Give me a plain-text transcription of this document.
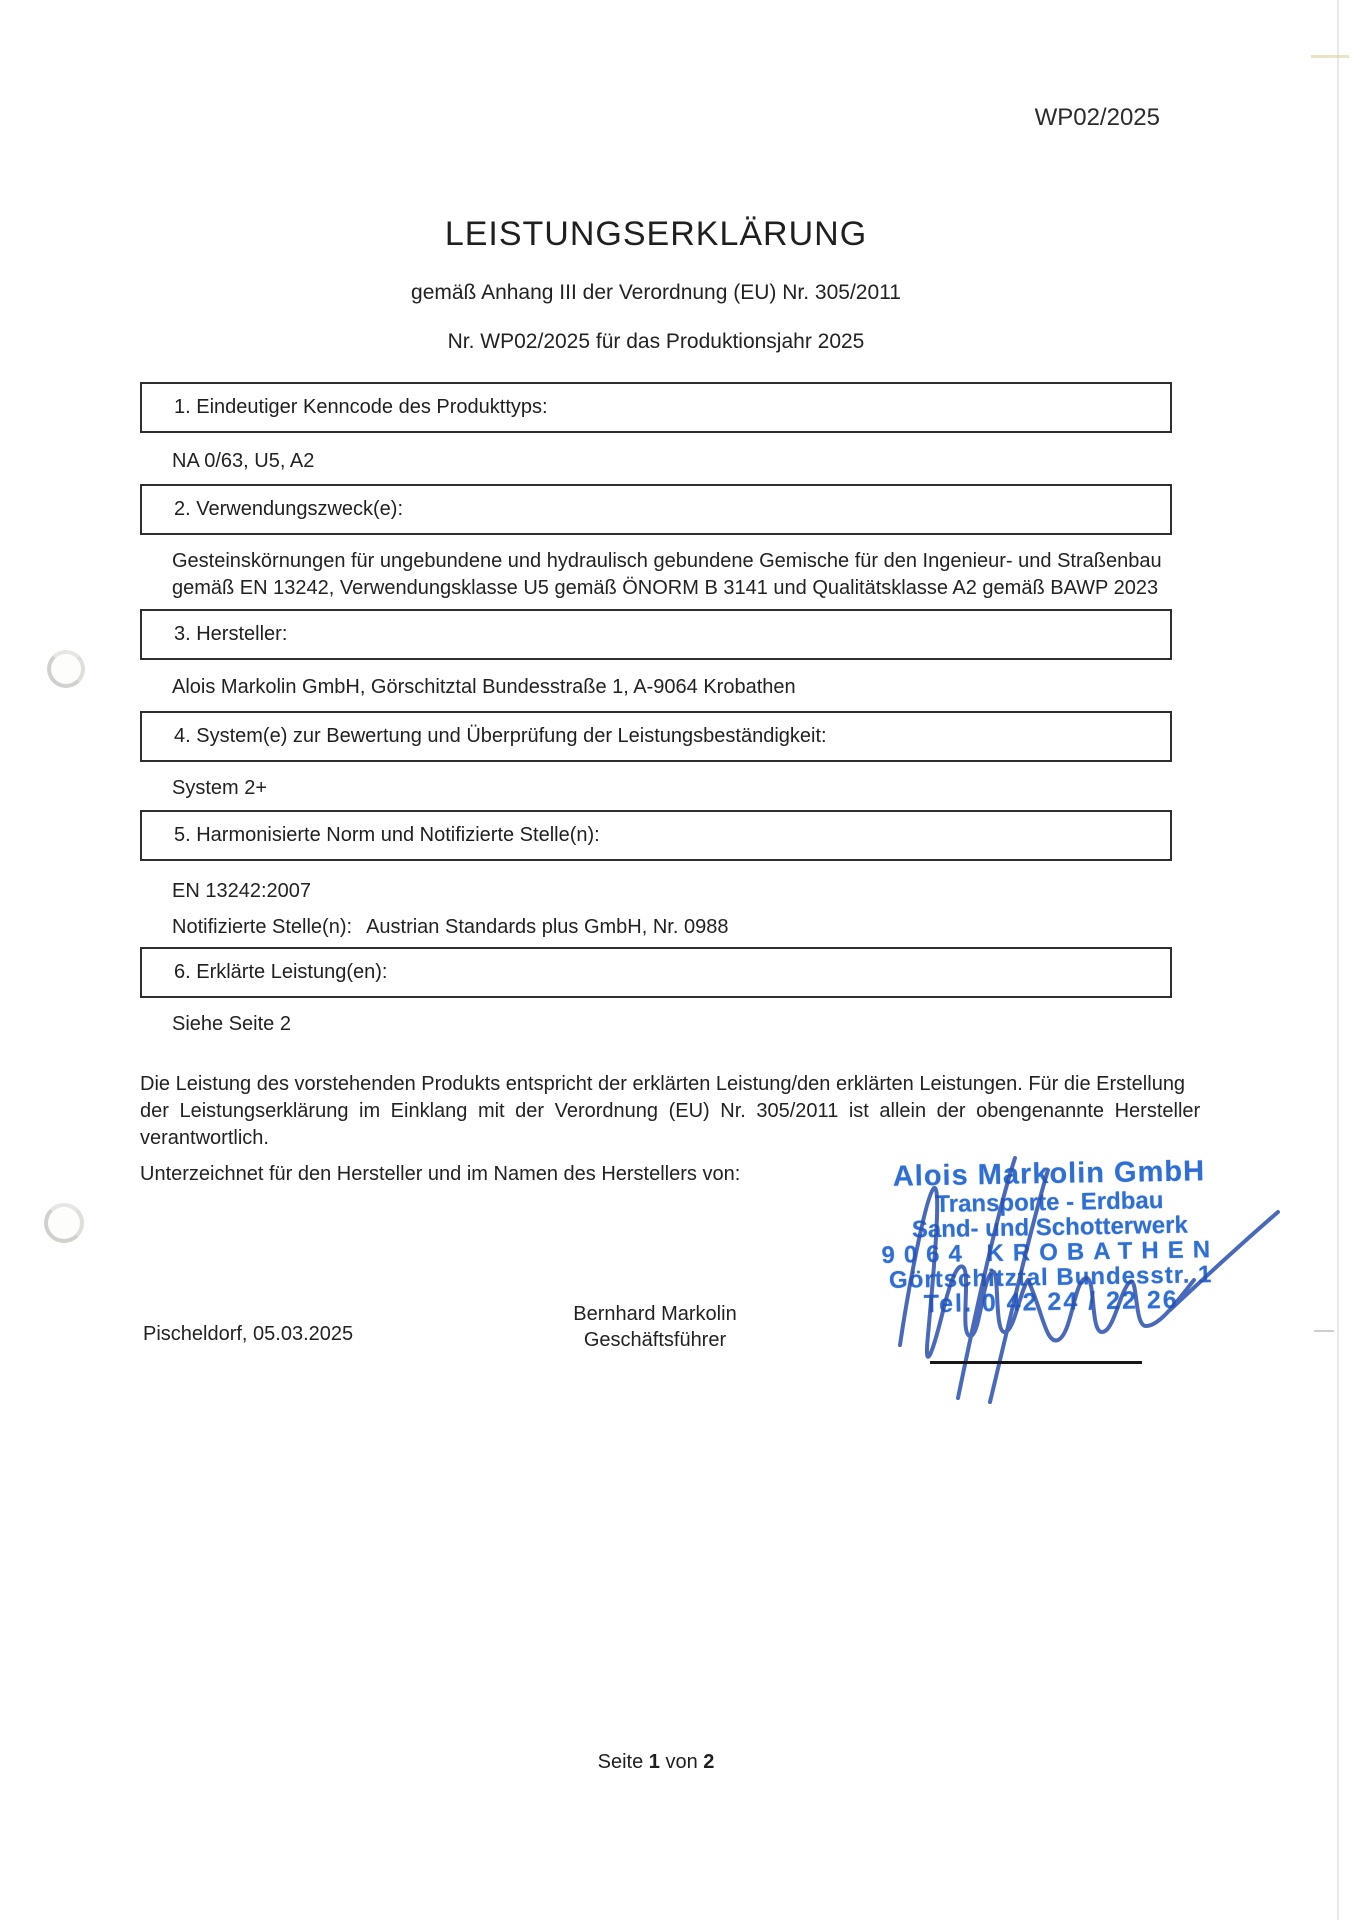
WP02/2025
LEISTUNGSERKLÄRUNG
gemäß Anhang III der Verordnung (EU) Nr. 305/2011
Nr. WP02/2025 für das Produktionsjahr 2025
1. Eindeutiger Kenncode des Produkttyps:
NA 0/63, U5, A2
2. Verwendungszweck(e):
Gesteinskörnungen für ungebundene und hydraulisch gebundene Gemische für den Ingenieur- und Straßenbau
gemäß EN 13242, Verwendungsklasse U5 gemäß ÖNORM B 3141 und Qualitätsklasse A2 gemäß BAWP 2023
3. Hersteller:
Alois Markolin GmbH, Görschitztal Bundesstraße 1, A-9064 Krobathen
4. System(e) zur Bewertung und Überprüfung der Leistungsbeständigkeit:
System 2+
5. Harmonisierte Norm und Notifizierte Stelle(n):
EN 13242:2007
Notifizierte Stelle(n): Austrian Standards plus GmbH, Nr. 0988
6. Erklärte Leistung(en):
Siehe Seite 2
Die Leistung des vorstehenden Produkts entspricht der erklärten Leistung/den erklärten Leistungen. Für die Erstellung
der Leistungserklärung im Einklang mit der Verordnung (EU) Nr. 305/2011 ist allein der obengenannte Hersteller
verantwortlich.
Unterzeichnet für den Hersteller und im Namen des Herstellers von:	Alois Markolin GmbH
Transporte - Erdbau
Sand- und Schotterwerk
9064 KROBATHEN
Görtschitztal Bundesstr. 1
Tel. 0 42 24 / 22 26
Pischeldorf, 05.03.2025
Bernhard Markolin
Geschäftsführer
Seite 1 von 2
